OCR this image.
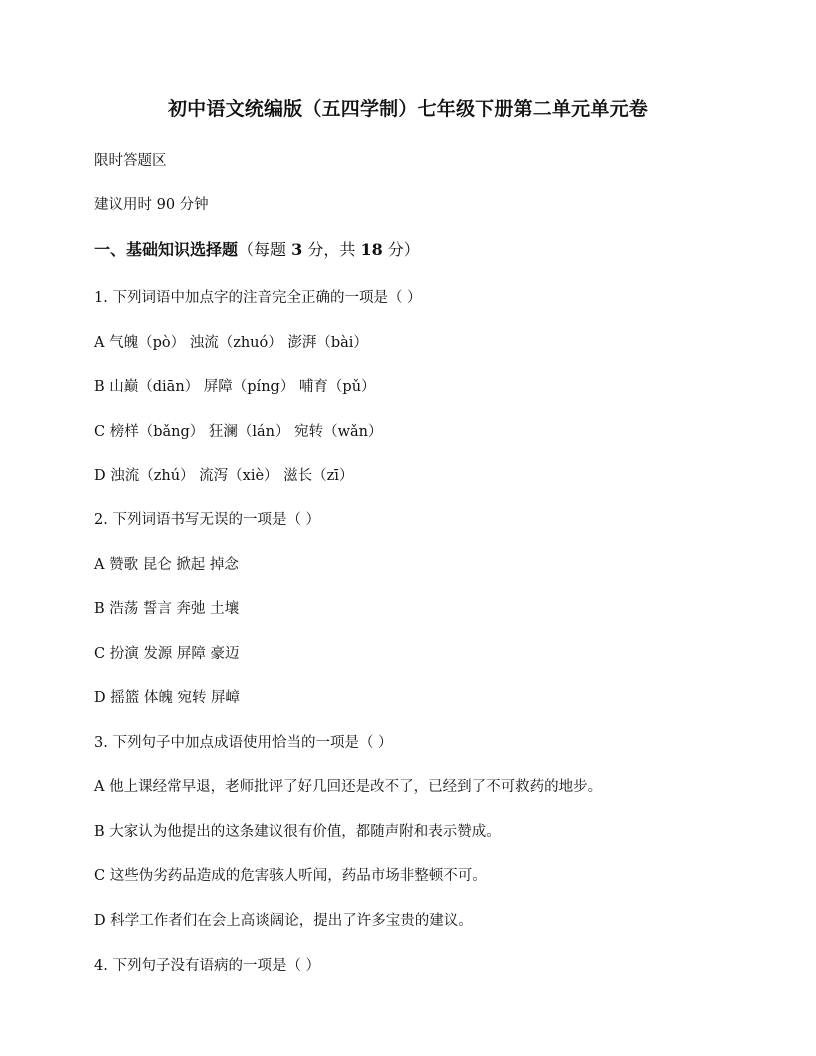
初中语文统编版（五四学制）七年级下册第二单元单元卷
限时答题区
建议用时 90 分钟
一、基础知识选择题（每题 3 分，共 18 分）
1. 下列词语中加点字的注音完全正确的一项是（ ）
A 气魄（pò） 浊流（zhuó） 澎湃（bài）
B 山巅（diān） 屏障（píng） 哺育（pǔ）
C 榜样（bǎng） 狂澜（lán） 宛转（wǎn）
D 浊流（zhú） 流泻（xiè） 滋长（zī）
2. 下列词语书写无误的一项是（ ）
A 赞歌 昆仑 掀起 掉念
B 浩荡 誓言 奔弛 土壤
C 扮演 发源 屏障 豪迈
D 摇篮 体魄 宛转 屏嶂
3. 下列句子中加点成语使用恰当的一项是（ ）
A 他上课经常早退，老师批评了好几回还是改不了，已经到了不可救药的地步。
B 大家认为他提出的这条建议很有价值，都随声附和表示赞成。
C 这些伪劣药品造成的危害骇人听闻，药品市场非整顿不可。
D 科学工作者们在会上高谈阔论，提出了许多宝贵的建议。
4. 下列句子没有语病的一项是（ ）
